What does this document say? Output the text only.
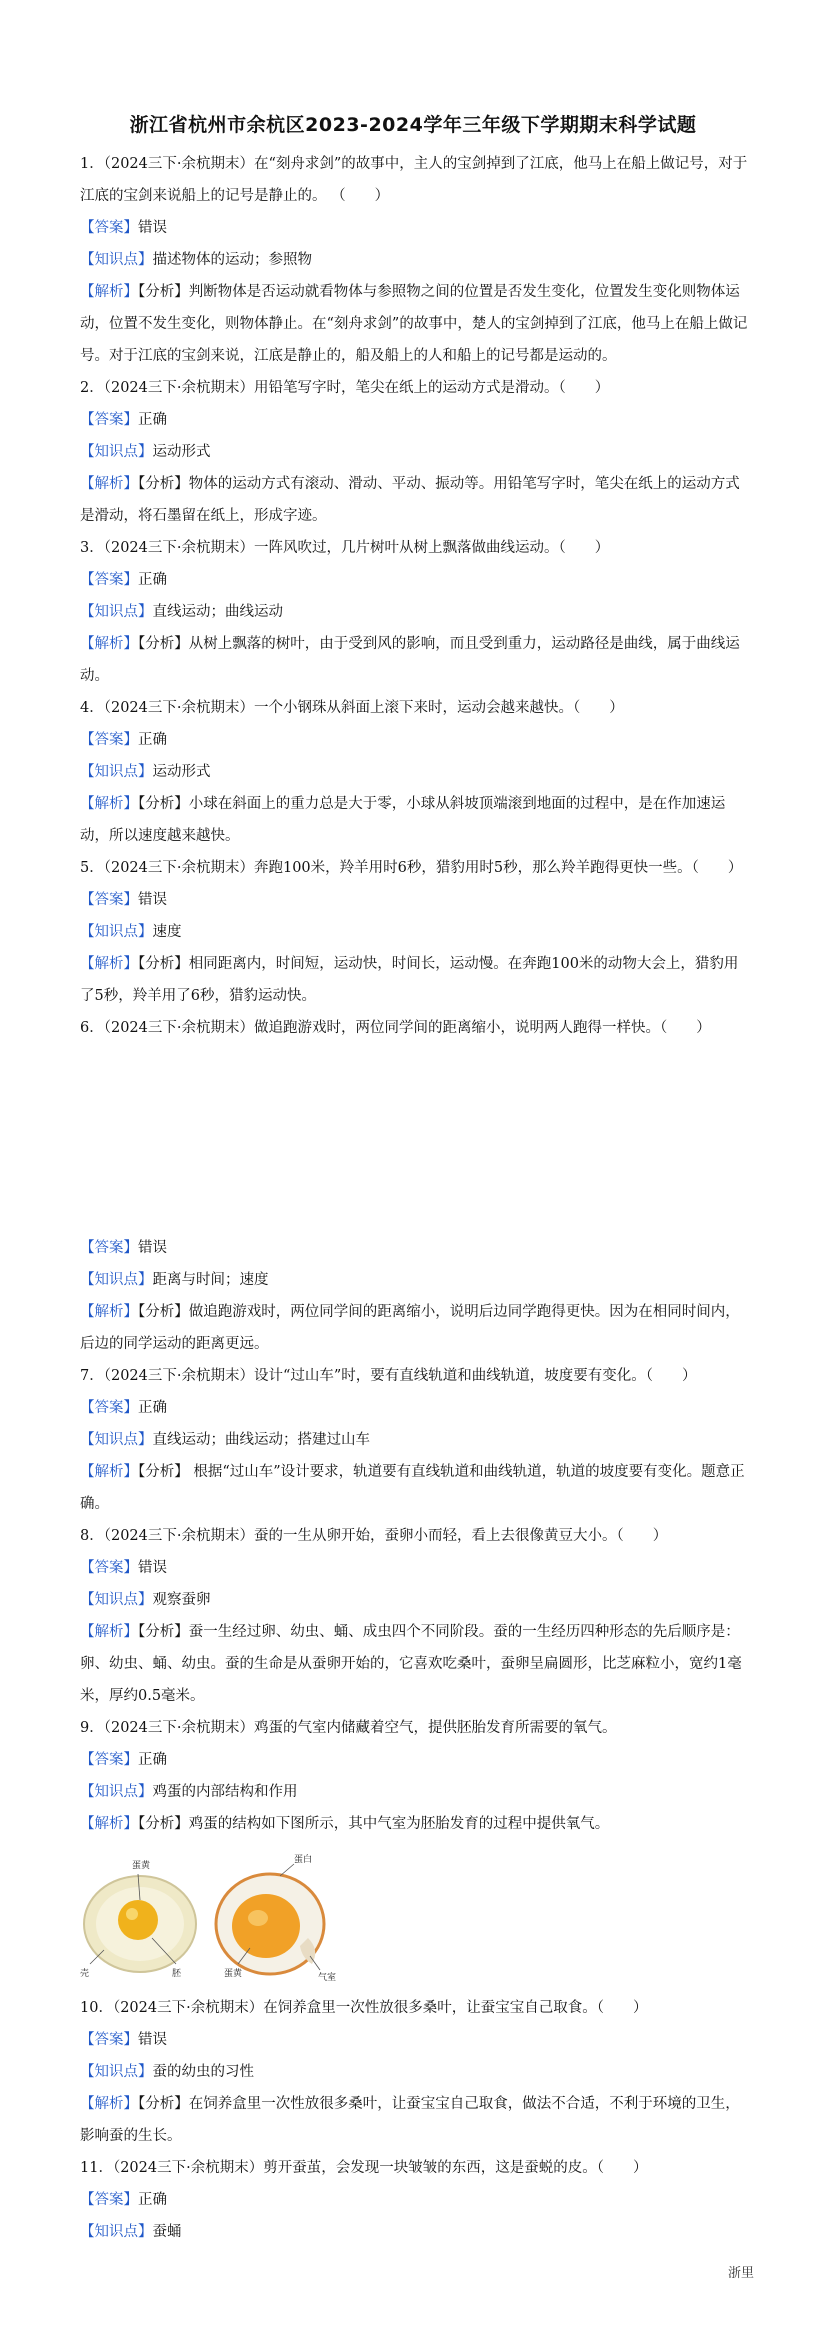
浙江省杭州市余杭区2023-2024学年三年级下学期期末科学试题

1．（2024三下·余杭期末）在“刻舟求剑”的故事中，主人的宝剑掉到了江底，他马上在船上做记号，对于江底的宝剑来说船上的记号是静止的。 （　　）

【答案】错误

【知识点】描述物体的运动；参照物

【解析】【分析】判断物体是否运动就看物体与参照物之间的位置是否发生变化，位置发生变化则物体运动，位置不发生变化，则物体静止。在“刻舟求剑”的故事中，楚人的宝剑掉到了江底，他马上在船上做记号。对于江底的宝剑来说，江底是静止的，船及船上的人和船上的记号都是运动的。

2．（2024三下·余杭期末）用铅笔写字时，笔尖在纸上的运动方式是滑动。（　　）

【答案】正确

【知识点】运动形式

【解析】【分析】物体的运动方式有滚动、滑动、平动、振动等。用铅笔写字时，笔尖在纸上的运动方式是滑动，将石墨留在纸上，形成字迹。

3．（2024三下·余杭期末）一阵风吹过，几片树叶从树上飘落做曲线运动。（　　）

【答案】正确

【知识点】直线运动；曲线运动

【解析】【分析】从树上飘落的树叶，由于受到风的影响，而且受到重力，运动路径是曲线，属于曲线运动。

4．（2024三下·余杭期末）一个小钢珠从斜面上滚下来时，运动会越来越快。（　　）

【答案】正确

【知识点】运动形式

【解析】【分析】小球在斜面上的重力总是大于零，小球从斜坡顶端滚到地面的过程中，是在作加速运动，所以速度越来越快。

5．（2024三下·余杭期末）奔跑100米，羚羊用时6秒，猎豹用时5秒，那么羚羊跑得更快一些。（　　）

【答案】错误

【知识点】速度

【解析】【分析】相同距离内，时间短，运动快，时间长，运动慢。在奔跑100米的动物大会上，猎豹用了5秒，羚羊用了6秒，猎豹运动快。

6．（2024三下·余杭期末）做追跑游戏时，两位同学间的距离缩小，说明两人跑得一样快。（　　）

【答案】错误

【知识点】距离与时间；速度

【解析】【分析】做追跑游戏时，两位同学间的距离缩小，说明后边同学跑得更快。因为在相同时间内，后边的同学运动的距离更远。

7．（2024三下·余杭期末）设计“过山车”时，要有直线轨道和曲线轨道，坡度要有变化。（　　）

【答案】正确

【知识点】直线运动；曲线运动；搭建过山车

【解析】【分析】 根据“过山车”设计要求，轨道要有直线轨道和曲线轨道，轨道的坡度要有变化。题意正确。

8．（2024三下·余杭期末）蚕的一生从卵开始，蚕卵小而轻，看上去很像黄豆大小。（　　）

【答案】错误

【知识点】观察蚕卵

【解析】【分析】蚕一生经过卵、幼虫、蛹、成虫四个不同阶段。蚕的一生经历四种形态的先后顺序是：卵、幼虫、蛹、幼虫。蚕的生命是从蚕卵开始的，它喜欢吃桑叶，蚕卵呈扁圆形，比芝麻粒小，宽约1毫米，厚约0.5毫米。

9．（2024三下·余杭期末）鸡蛋的气室内储藏着空气，提供胚胎发育所需要的氧气。

【答案】正确

【知识点】鸡蛋的内部结构和作用

【解析】【分析】鸡蛋的结构如下图所示，其中气室为胚胎发育的过程中提供氧气。

蛋黄
壳	胚
蛋白
蛋黄	气室

10．（2024三下·余杭期末）在饲养盒里一次性放很多桑叶，让蚕宝宝自己取食。（　　）

【答案】错误

【知识点】蚕的幼虫的习性

【解析】【分析】在饲养盒里一次性放很多桑叶，让蚕宝宝自己取食，做法不合适，不利于环境的卫生，影响蚕的生长。

11．（2024三下·余杭期末）剪开蚕茧，会发现一块皱皱的东西，这是蚕蜕的皮。（　　）

【答案】正确

【知识点】蚕蛹

浙里
